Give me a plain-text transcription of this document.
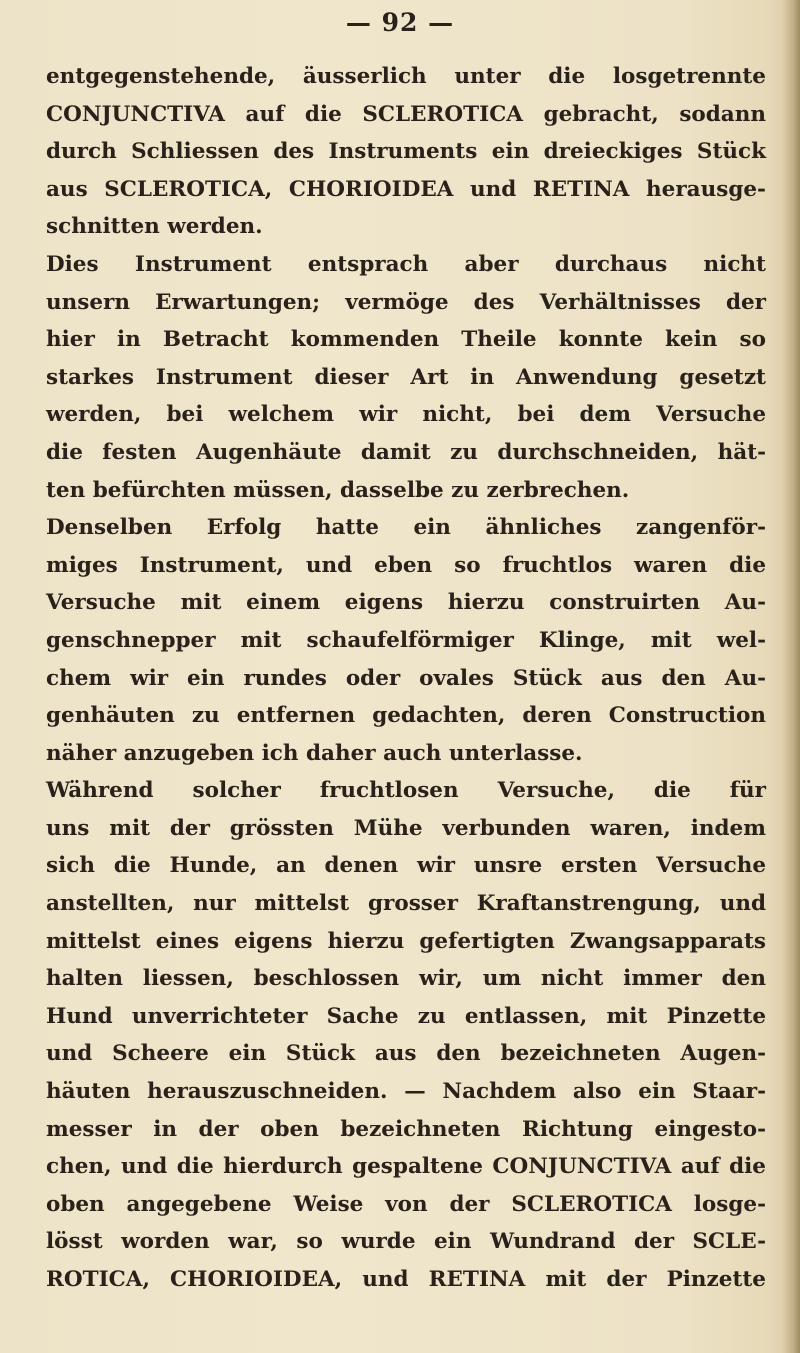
— 92 —
entgegenstehende, äusserlich unter die losgetrennte
CONJUNCTIVA auf die SCLEROTICA gebracht, sodann
durch Schliessen des Instruments ein dreieckiges Stück
aus SCLEROTICA, CHORIOIDEA und RETINA herausge-
schnitten werden.
Dies Instrument entsprach aber durchaus nicht
unsern Erwartungen; vermöge des Verhältnisses der
hier in Betracht kommenden Theile konnte kein so
starkes Instrument dieser Art in Anwendung gesetzt
werden, bei welchem wir nicht, bei dem Versuche
die festen Augenhäute damit zu durchschneiden, hät-
ten befürchten müssen, dasselbe zu zerbrechen.
Denselben Erfolg hatte ein ähnliches zangenför-
miges Instrument, und eben so fruchtlos waren die
Versuche mit einem eigens hierzu construirten Au-
genschnepper mit schaufelförmiger Klinge, mit wel-
chem wir ein rundes oder ovales Stück aus den Au-
genhäuten zu entfernen gedachten, deren Construction
näher anzugeben ich daher auch unterlasse.
Während solcher fruchtlosen Versuche, die für
uns mit der grössten Mühe verbunden waren, indem
sich die Hunde, an denen wir unsre ersten Versuche
anstellten, nur mittelst grosser Kraftanstrengung, und
mittelst eines eigens hierzu gefertigten Zwangsapparats
halten liessen, beschlossen wir, um nicht immer den
Hund unverrichteter Sache zu entlassen, mit Pinzette
und Scheere ein Stück aus den bezeichneten Augen-
häuten herauszuschneiden. — Nachdem also ein Staar-
messer in der oben bezeichneten Richtung eingesto-
chen, und die hierdurch gespaltene CONJUNCTIVA auf die
oben angegebene Weise von der SCLEROTICA losge-
lösst worden war, so wurde ein Wundrand der SCLE-
ROTICA, CHORIOIDEA, und RETINA mit der Pinzette
